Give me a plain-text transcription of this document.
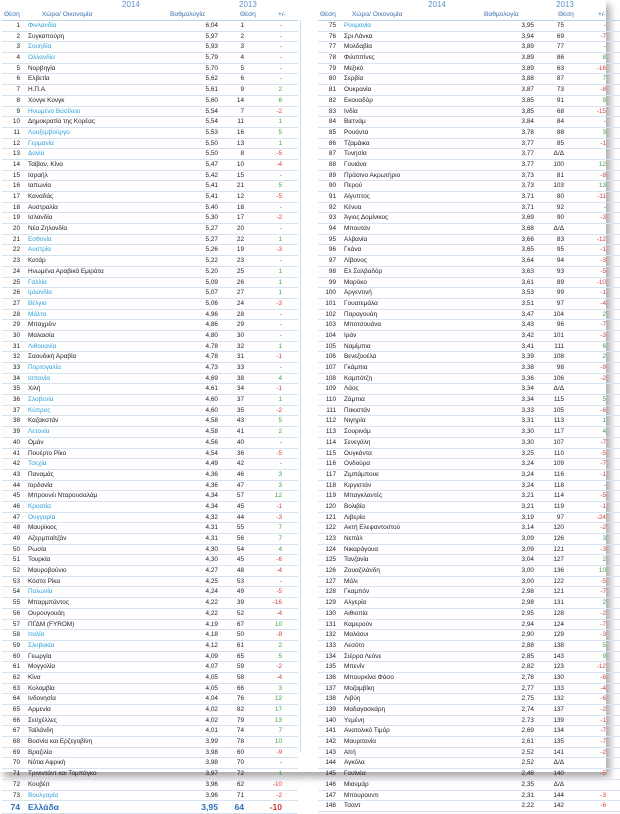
2014	2013
Θέση	Χώρα/ Οικονομία	Βαθμολογία	Θέση	+/-
1 Φινλανδία	6,04	1	-
2 Συγκαπούρη	5,97	2	-
3 Σουηδία	5,93	3	-
4 Ολλανδία	5,79	4	-
5 Νορβηγία	5,70	5	-
6 Ελβετία	5,62	6	-
7 Η.Π.Α.	5,61	9	2
8 Χονγκ Κονγκ	5,60	14	6
9 Ηνωμένο Βασίλειο	5,54	7	-2
10 Δημοκρατία της Κορέας	5,54	11	1
11 Λουξεμβούργο	5,53	16	5
12 Γερμανία	5,50	13	1
13 Δανία	5,50	8	-5
14 Ταϊβαν, Κίνα	5,47	10	-4
15 Ισραήλ	5,42	15	-
16 Ιαπωνία	5,41	21	5
17 Καναδάς	5,41	12	-5
18 Αυστραλία	5,40	18	-
19 Ισλανδία	5,30	17	-2
20 Νέα Ζηλανδία	5,27	20	-
21 Εσθονία	5,27	22	1
22 Αυστρία	5,26	19	-3
23 Κατάρ	5,22	23	-
24 Ηνωμένα Αραβικά Εμιράτα	5,20	25	1
25 Γαλλία	5,09	26	1
26 Ιρλανδία	5,07	27	1
27 Βέλγιο	5,06	24	-3
28 Μάλτα	4,96	28	-
29 Μπαχρέιν	4,86	29	-
30 Μαλαισία	4,80	30	-
31 Λιθουανία	4,78	32	1
32 Σαουδική Αραβία	4,78	31	-1
33 Πορτογαλία	4,73	33	-
34 Ισπανία	4,69	38	4
35 Χιλή	4,61	34	-1
36 Σλοβενία	4,60	37	1
37 Κύπρος	4,60	35	-2
38 Καζακστάν	4,58	43	5
39 Λετονία	4,58	41	2
40 Ομάν	4,56	40	-
41 Πουέρτο Ρίκο	4,54	36	-5
42 Τσεχία	4,49	42	-
43 Παναμάς	4,36	46	3
44 Ιορδανία	4,36	47	3
45 Μπρουνέι Νταρουσαλάμ	4,34	57	12
46 Κροατία	4,34	45	-1
47 Ουγγαρία	4,32	44	-3
48 Μαυρίκιος	4,31	55	7
49 Αζερμπαϊτζάν	4,31	56	7
50 Ρωσία	4,30	54	4
51 Τουρκία	4,30	45	-6
52 Μαυροβούνιο	4,27	48	-4
53 Κόστα Ρίκα	4,25	53	-
54 Πολωνία	4,24	49	-5
55 Μπαρμπάντος	4,22	39	-16
56 Ουρουγουάη	4,22	52	-4
57 ΠΓΔΜ (FYROM)	4,19	67	10
58 Ιταλία	4,18	50	-8
59 Σλοβακία	4,12	61	2
60 Γεωργία	4,09	65	5
61 Μογγολία	4,07	59	-2
62 Κίνα	4,05	58	-4
63 Κολομβία	4,05	66	3
64 Ινδονησία	4,04	76	12
65 Αρμενία	4,02	82	17
66 Σεϋχέλλες	4,02	79	13
67 Ταϊλάνδη	4,01	74	7
68 Βοσνία και Ερζεγοβίνη	3,99	78	10
69 Βραζιλία	3,98	60	-9
70 Νότια Αφρική	3,98	70	-
71 Τρινιντάντ και Τομπάγκο	3,97	72	1
72 Κουβέιτ	3,96	62	-10
73 Βουλγαρία	3,96	71	-2
74 Ελλάδα	3,95	64	-10
2014	2013
Θέση Χώρα/ Οικονομία	Βαθμολογία	Θέση	+/-
75 Ρουμανία	3,95	75	-
76 Σρι Λάνκα	3,94	69	-7
77 Μολδαβία	3,89	77	-
78 Φιλιππίνες	3,89	86	8
79 Μεξικό	3,89	63	-16
80 Σερβία	3,88	87	7
81 Ουκρανία	3,87	73	-8
82 Εκουαδόρ	3,85	91	9
83 Ινδία	3,85	68	-15
84 Βιετνάμ	3,84	84	-
85 Ρουάντα	3,78	88	3
86 Τζαμάικα	3,77	85	-1
87 Τυνησία	3,77	Δ/Δ
88 Γουιάνα	3,77	100	12
89 Πράσινο Ακρωτήριο	3,73	81	-8
90 Περού	3,73	103	13
91 Αίγυπτος	3,71	80	-11
92 Κένυα	3,71	92	-
93 Άγιος Δομίνικος	3,69	90	-3
94 Μπουτάν	3,68	Δ/Δ
95 Αλβανία	3,66	83	-12
96 Γκάνα	3,65	95	-1
97 Λίβανος	3,64	94	-3
98 Ελ Σαλβαδόρ	3,63	93	-5
99 Μαρόκο	3,61	89	-10
100 Αργεντινή	3,53	99	-1
101 Γουατεμάλα	3,51	97	-4
102 Παραγουάη	3,47	104	2
103 Μποτσουάνα	3,43	96	-7
104 Ιράν	3,42	101	-3
105 Ναμίμπια	3,41	111	6
106 Βενεζουέλα	3,39	108	2
107 Γκάμπια	3,38	98	-9
108 Καμπότζη	3,36	106	-2
109 Λάος	3,34	Δ/Δ
110 Ζάμπια	3,34	115	5
111 Πακιστάν	3,33	105	-6
112 Νιγηρία	3,31	113	1
113 Σουρινάμ	3,30	117	4
114 Σενεγάλη	3,30	107	-7
115 Ουγκάντα	3,25	110	-5
116 Ονδούρα	3,24	109	-7
117 Ζιμπάμπουε	3,24	116	-1
118 Κιργιστάν	3,24	118	-
119 Μπαγκλαντές	3,21	114	-5
120 Βολιβία	3,21	119	-1
121 Λιβερία	3,19	97	-24
122 Ακτή Ελεφαντοστού	3,14	120	-2
123 Νεπάλ	3,09	126	3
124 Νικαράγουα	3,09	121	-3
125 Τανζανία	3,04	127	2
126 Ζουαζιλάνδη	3,00	136	10
127 Μάλι	3,00	122	-5
128 Γκαμπόν	2,98	121	-7
129 Αλγερία	2,98	131	2
130 Αιθιοπία	2,95	128	-2
131 Καμερούν	2,94	124	-7
132 Μαλάουι	2,90	129	-3
133 Λεσότο	2,88	138	5
134 Σιέρρα Λεόνε	2,85	143	9
135 Μπενίν	2,82	123	-12
136 Μπουρκίνα Φάσο	2,78	130	-6
137 Μοζαμβίκη	2,77	133	-4
138 Λιβύη	2,75	132	-6
139 Μαδαγασκάρη	2,74	137	-2
140 Υεμένη	2,73	139	-1
141 Ανατολικό Τιμόρ	2,69	134	-7
142 Μαυριτανία	2,61	135	-7
143 Αϊτή	2,52	141	-2
144 Αγκόλα	2,52	Δ/Δ
145 Γουϊνέα	2,48	140	-5
146 Μιανμάρ	2,35	Δ/Δ
147 Μπουρουντι	2,31	144	-3
148 Τσαντ	2,22	142	-6
